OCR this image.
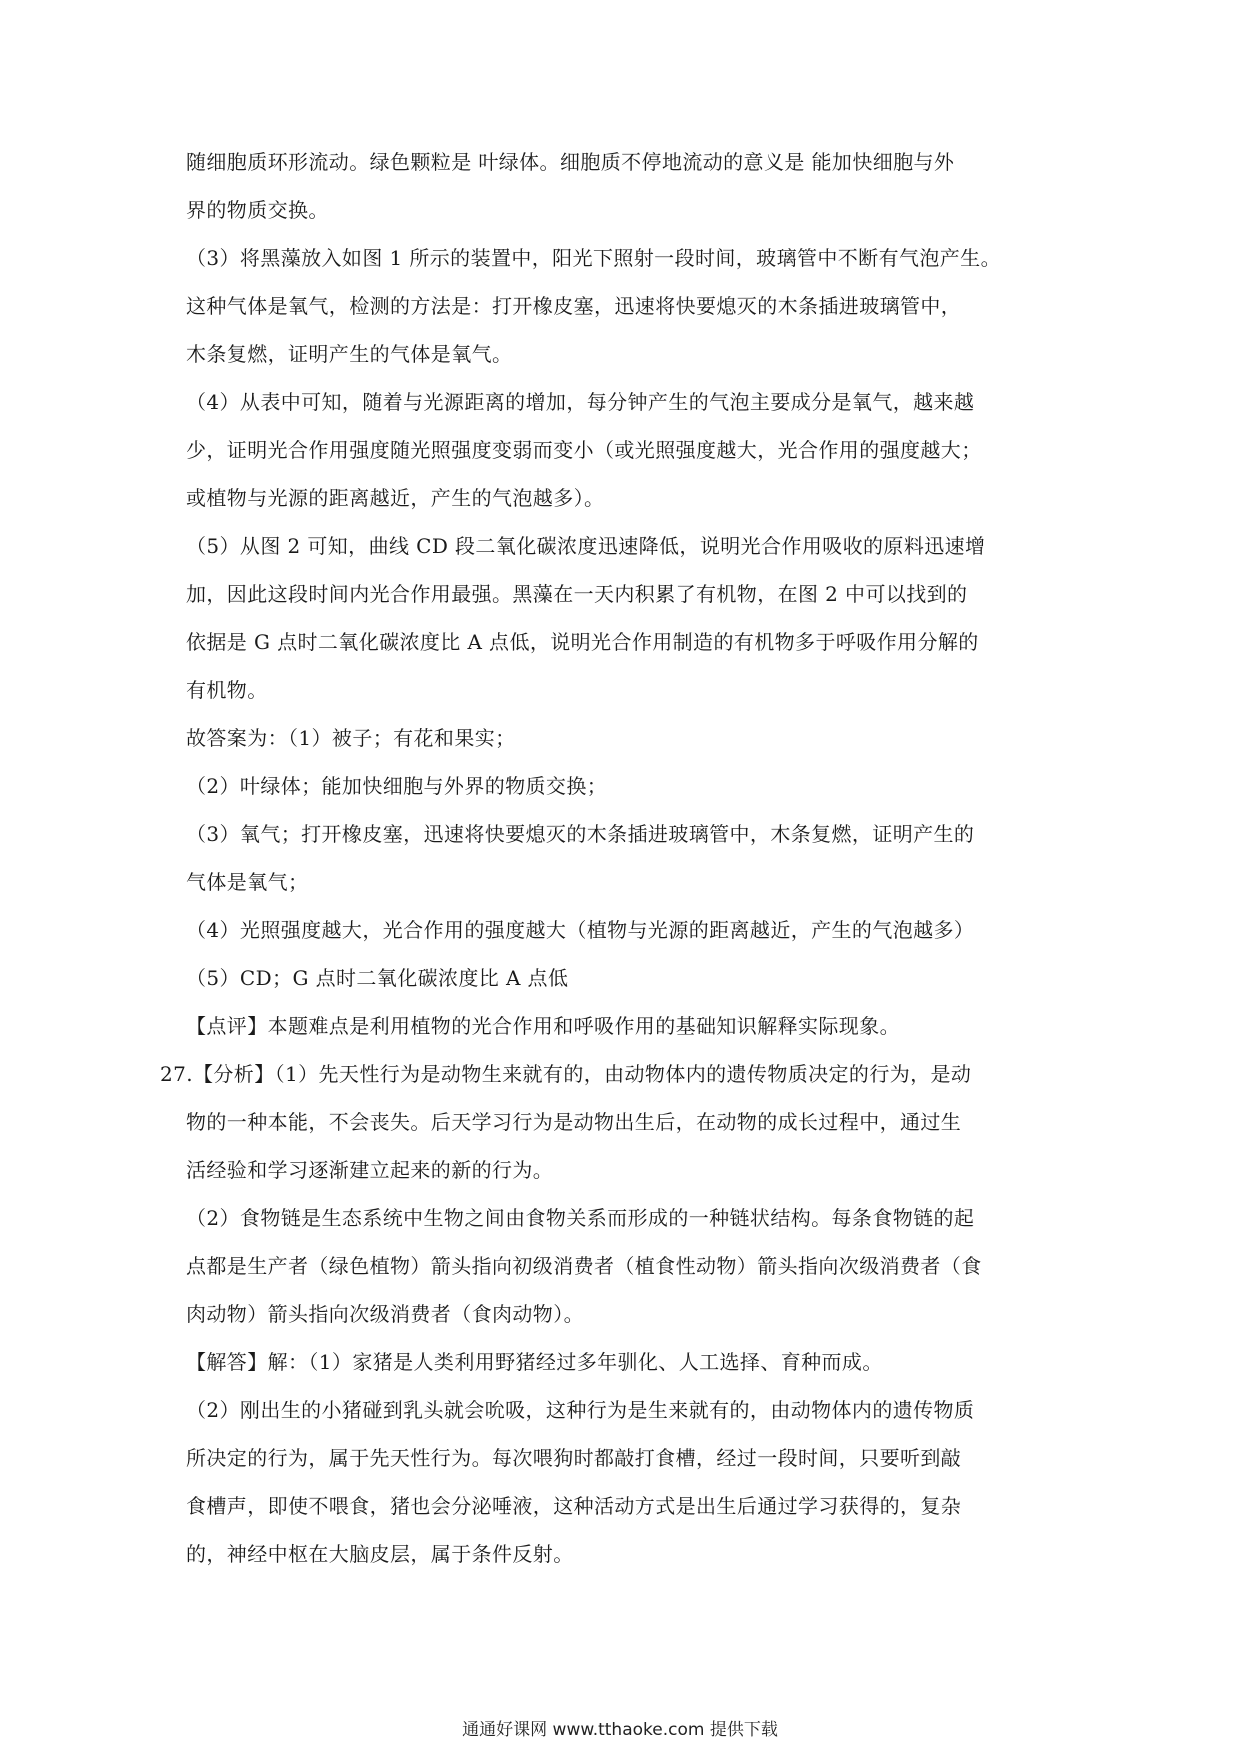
随细胞质环形流动。绿色颗粒是 叶绿体。细胞质不停地流动的意义是 能加快细胞与外

界的物质交换。

（3）将黑藻放入如图 1 所示的装置中，阳光下照射一段时间，玻璃管中不断有气泡产生。

这种气体是氧气，检测的方法是：打开橡皮塞，迅速将快要熄灭的木条插进玻璃管中，

木条复燃，证明产生的气体是氧气。

（4）从表中可知，随着与光源距离的增加，每分钟产生的气泡主要成分是氧气，越来越

少，证明光合作用强度随光照强度变弱而变小（或光照强度越大，光合作用的强度越大；

或植物与光源的距离越近，产生的气泡越多）。

（5）从图 2 可知，曲线 CD 段二氧化碳浓度迅速降低，说明光合作用吸收的原料迅速增

加，因此这段时间内光合作用最强。黑藻在一天内积累了有机物，在图 2 中可以找到的

依据是 G 点时二氧化碳浓度比 A 点低，说明光合作用制造的有机物多于呼吸作用分解的

有机物。

故答案为：（1）被子；有花和果实；

（2）叶绿体；能加快细胞与外界的物质交换；

（3）氧气；打开橡皮塞，迅速将快要熄灭的木条插进玻璃管中，木条复燃，证明产生的

气体是氧气；

（4）光照强度越大，光合作用的强度越大（植物与光源的距离越近，产生的气泡越多）

（5）CD；G 点时二氧化碳浓度比 A 点低

【点评】本题难点是利用植物的光合作用和呼吸作用的基础知识解释实际现象。

27.【分析】（1）先天性行为是动物生来就有的，由动物体内的遗传物质决定的行为，是动

物的一种本能，不会丧失。后天学习行为是动物出生后，在动物的成长过程中，通过生

活经验和学习逐渐建立起来的新的行为。

（2）食物链是生态系统中生物之间由食物关系而形成的一种链状结构。每条食物链的起

点都是生产者（绿色植物）箭头指向初级消费者（植食性动物）箭头指向次级消费者（食

肉动物）箭头指向次级消费者（食肉动物）。

【解答】解：（1）家猪是人类利用野猪经过多年驯化、人工选择、育种而成。

（2）刚出生的小猪碰到乳头就会吮吸，这种行为是生来就有的，由动物体内的遗传物质

所决定的行为，属于先天性行为。每次喂狗时都敲打食槽，经过一段时间，只要听到敲

食槽声，即使不喂食，猪也会分泌唾液，这种活动方式是出生后通过学习获得的，复杂

的，神经中枢在大脑皮层，属于条件反射。

通通好课网 www.tthaoke.com 提供下载
